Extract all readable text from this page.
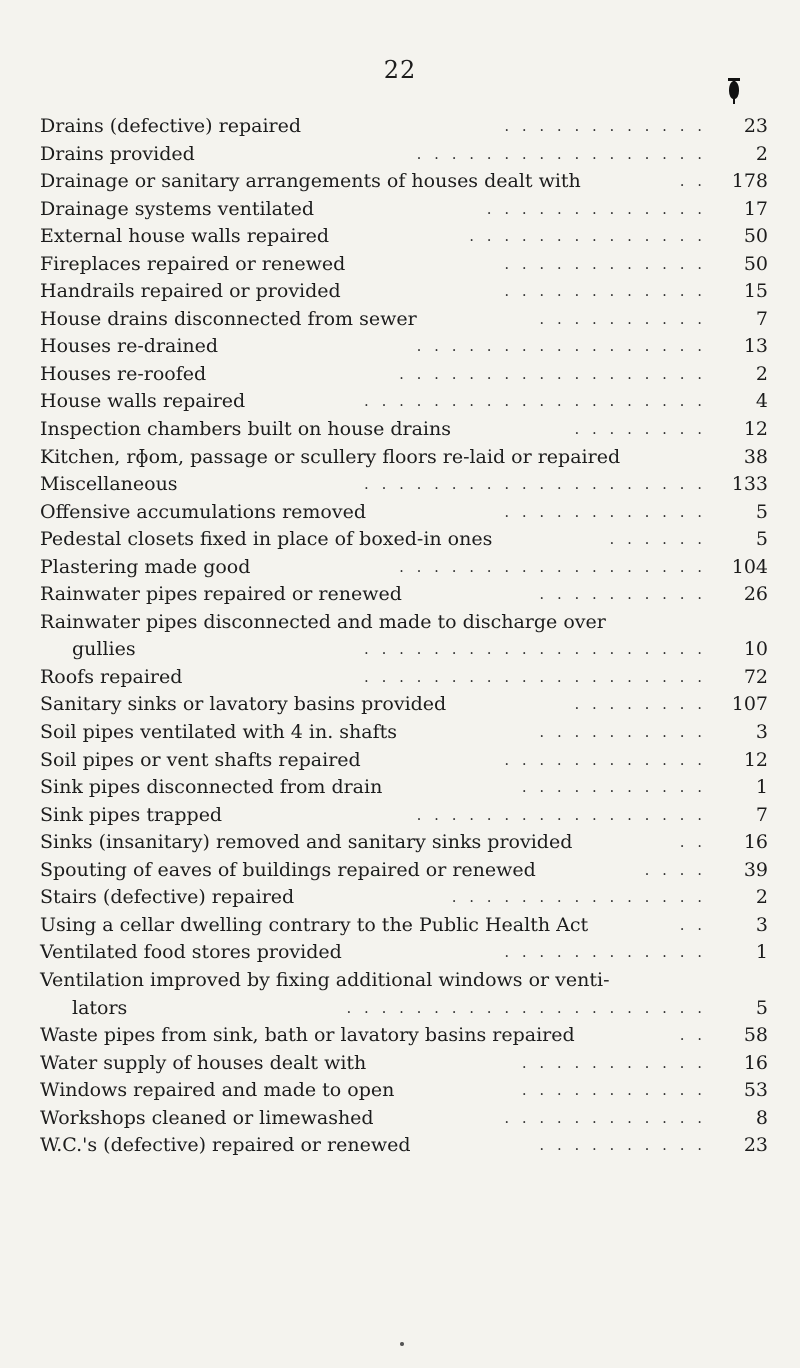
22
Drains (defective) repaired	. . . . . . . . . . . .	23
Drains provided	. . . . . . . . . . . . . . . . .	2
Drainage or sanitary arrangements of houses dealt with	. .	178
Drainage systems ventilated	. . . . . . . . . . . . .	17
External house walls repaired	. . . . . . . . . . . . . .	50
Fireplaces repaired or renewed	. . . . . . . . . . . .	50
Handrails repaired or provided	. . . . . . . . . . . .	15
House drains disconnected from sewer	. . . . . . . . . .	7
Houses re-drained	. . . . . . . . . . . . . . . . .	13
Houses re-roofed	. . . . . . . . . . . . . . . . . .	2
House walls repaired	. . . . . . . . . . . . . . . . . . . .	4
Inspection chambers built on house drains	. . . . . . . .	12
Kitchen, rɸom, passage or scullery floors re-laid or repaired	38
Miscellaneous	. . . . . . . . . . . . . . . . . . . .	133
Offensive accumulations removed	. . . . . . . . . . . .	5
Pedestal closets fixed in place of boxed-in ones	. . . . . .	5
Plastering made good	. . . . . . . . . . . . . . . . . .	104
Rainwater pipes repaired or renewed	. . . . . . . . . .	26
Rainwater pipes disconnected and made to discharge over
gullies	. . . . . . . . . . . . . . . . . . . .	10
Roofs repaired	. . . . . . . . . . . . . . . . . . . .	72
Sanitary sinks or lavatory basins provided	. . . . . . . .	107
Soil pipes ventilated with 4 in. shafts	. . . . . . . . . .	3
Soil pipes or vent shafts repaired	. . . . . . . . . . . .	12
Sink pipes disconnected from drain	. . . . . . . . . . .	1
Sink pipes trapped	. . . . . . . . . . . . . . . . .	7
Sinks (insanitary) removed and sanitary sinks provided	. .	16
Spouting of eaves of buildings repaired or renewed	. . . .	39
Stairs (defective) repaired	. . . . . . . . . . . . . . .	2
Using a cellar dwelling contrary to the Public Health Act	. .	3
Ventilated food stores provided	. . . . . . . . . . . .	1
Ventilation improved by fixing additional windows or venti-
lators	. . . . . . . . . . . . . . . . . . . . .	5
Waste pipes from sink, bath or lavatory basins repaired	. .	58
Water supply of houses dealt with	. . . . . . . . . . .	16
Windows repaired and made to open	. . . . . . . . . . .	53
Workshops cleaned or limewashed	. . . . . . . . . . . .	8
W.C.'s (defective) repaired or renewed	. . . . . . . . . .	23
